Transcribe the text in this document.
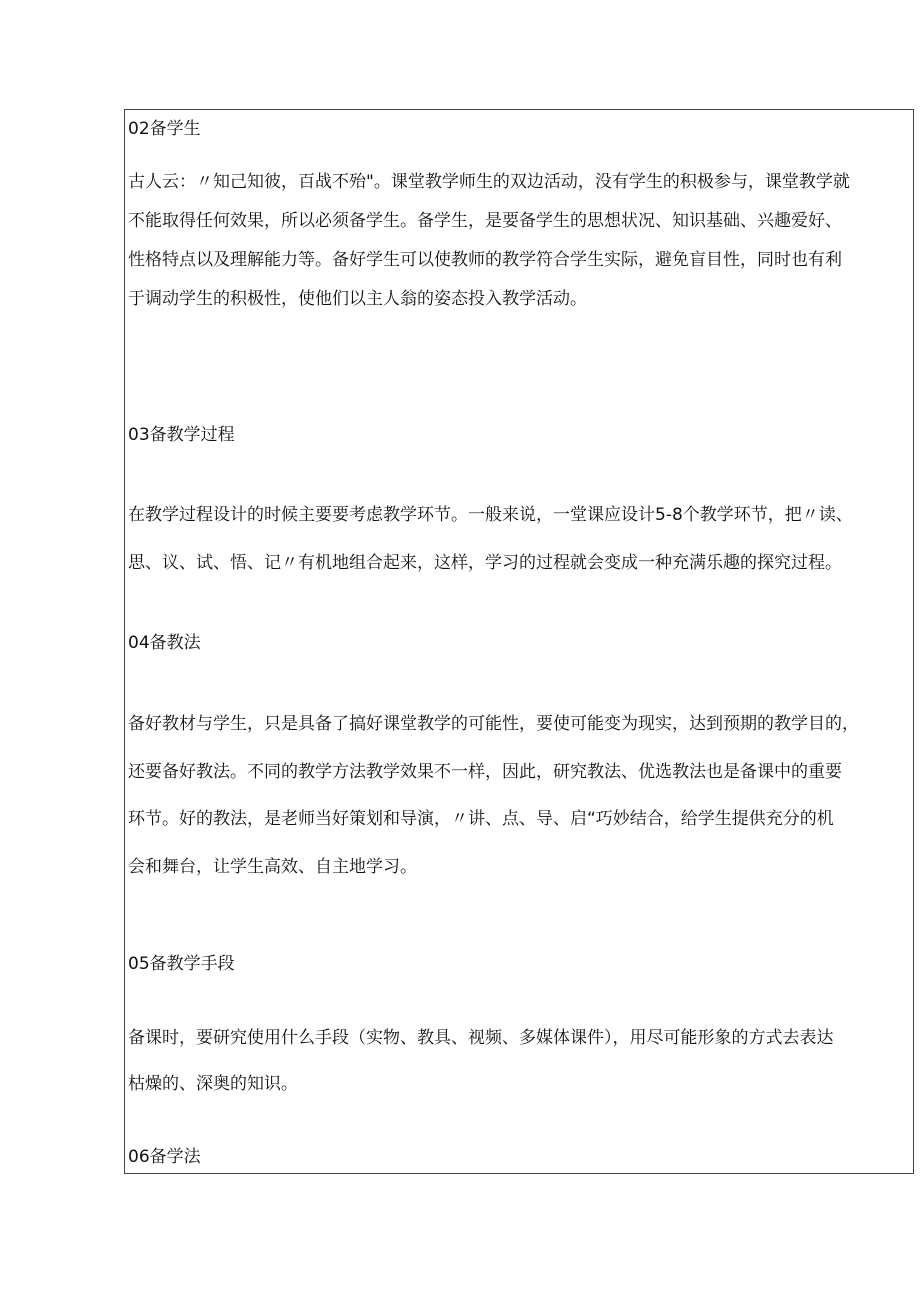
02备学生
古人云：〃知己知彼，百战不殆"。课堂教学师生的双边活动，没有学生的积极参与，课堂教学就
不能取得任何效果，所以必须备学生。备学生，是要备学生的思想状况、知识基础、兴趣爱好、
性格特点以及理解能力等。备好学生可以使教师的教学符合学生实际，避免盲目性，同时也有利
于调动学生的积极性，使他们以主人翁的姿态投入教学活动。
03备教学过程
在教学过程设计的时候主要要考虑教学环节。一般来说，一堂课应设计5-8个教学环节，把〃读、
思、议、试、悟、记〃有机地组合起来，这样，学习的过程就会变成一种充满乐趣的探究过程。
04备教法
备好教材与学生，只是具备了搞好课堂教学的可能性，要使可能变为现实，达到预期的教学目的，
还要备好教法。不同的教学方法教学效果不一样，因此，研究教法、优选教法也是备课中的重要
环节。好的教法，是老师当好策划和导演，〃讲、点、导、启“巧妙结合，给学生提供充分的机
会和舞台，让学生高效、自主地学习。
05备教学手段
备课时，要研究使用什么手段（实物、教具、视频、多媒体课件），用尽可能形象的方式去表达
枯燥的、深奥的知识。
06备学法
